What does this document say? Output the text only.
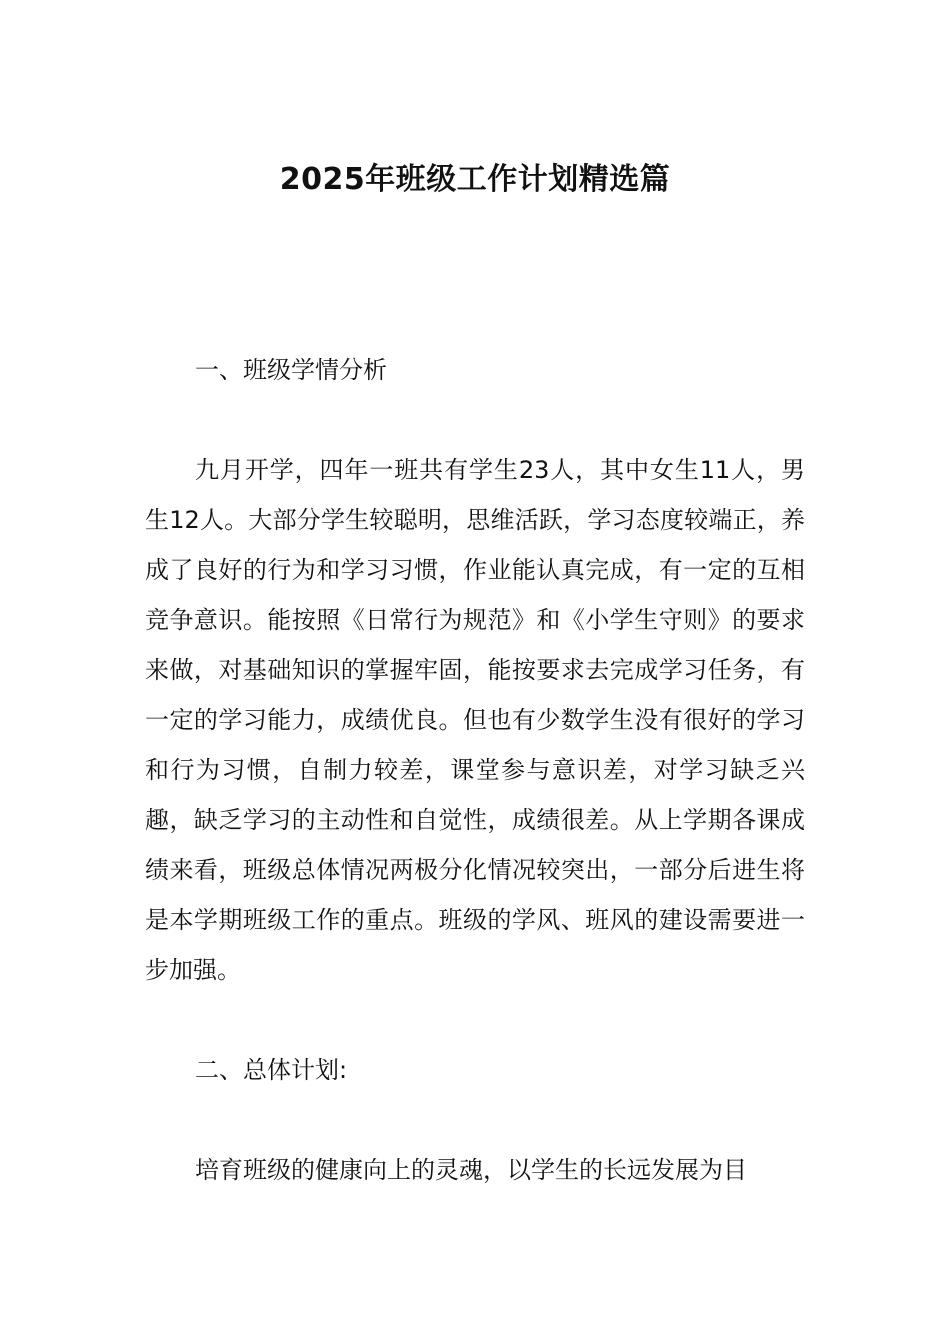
2025年班级工作计划精选篇

一、班级学情分析

九月开学，四年一班共有学生23人，其中女生11人，男生12人。大部分学生较聪明，思维活跃，学习态度较端正，养成了良好的行为和学习习惯，作业能认真完成，有一定的互相竞争意识。能按照《日常行为规范》和《小学生守则》的要求来做，对基础知识的掌握牢固，能按要求去完成学习任务，有一定的学习能力，成绩优良。但也有少数学生没有很好的学习和行为习惯，自制力较差，课堂参与意识差，对学习缺乏兴趣，缺乏学习的主动性和自觉性，成绩很差。从上学期各课成绩来看，班级总体情况两极分化情况较突出，一部分后进生将是本学期班级工作的重点。班级的学风、班风的建设需要进一步加强。

二、总体计划:

培育班级的健康向上的灵魂，以学生的长远发展为目
